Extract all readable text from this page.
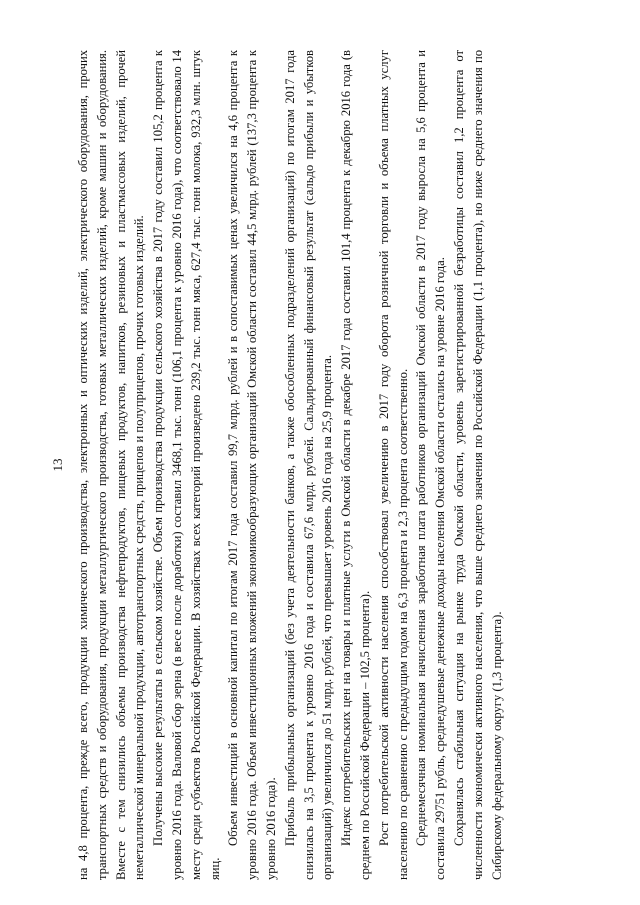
13 на 4,8 процента, прежде всего, продукции химического производства, электронных и оптических изделий, электрического оборудования, прочих транспортных средств и оборудования, продукции металлургического производства, готовых металлических изделий, кроме машин и оборудования. Вместе с тем снизились объемы производства нефтепродуктов, пищевых продуктов, напитков, резиновых и пластмассовых изделий, прочей неметаллической минеральной продукции, автотранспортных средств, прицепов и полуприцепов, прочих готовых изделий. Получены высокие результаты в сельском хозяйстве. Объем производства продукции сельского хозяйства в 2017 году составил 105,2 процента к уровню 2016 года. Валовой сбор зерна (в весе после доработки) составил 3468,1 тыс. тонн (106,1 процента к уровню 2016 года), что соответствовало 14 месту среди субъектов Российской Федерации. В хозяйствах всех категорий произведено 239,2 тыс. тонн мяса, 627,4 тыс. тонн молока, 932,3 млн. штук яиц.

Объем инвестиций в основной капитал по итогам 2017 года составил 99,7 млрд. рублей и в сопоставимых ценах увеличился на 4,6 процента к уровню 2016 года. Объем инвестиционных вложений экономикообразующих организаций Омской области составил 44,5 млрд. рублей (137,3 процента к уровню 2016 года). Прибыль прибыльных организаций (без учета деятельности банков, а также обособленных подразделений организаций) по итогам 2017 года снизилась на 3,5 процента к уровню 2016 года и составила 67,6 млрд. рублей. Сальдированный финансовый результат (сальдо прибыли и убытков организаций) увеличился до 51 млрд. рублей, что превышает уровень 2016 года на 25,9 процента. Индекс потребительских цен на товары и платные услуги в Омской области в декабре 2017 года составил 101,4 процента к декабрю 2016 года (в среднем по Российской Федерации – 102,5 процента). Рост потребительской активности населения способствовал увеличению в 2017 году оборота розничной торговли и объема платных услуг населению по сравнению с предыдущим годом на 6,3 процента и 2,3 процента соответственно. Среднемесячная номинальная начисленная заработная плата работников организаций Омской области в 2017 году выросла на 5,6 процента и составила 29751 рубль, среднедушевые денежные доходы населения Омской области остались на уровне 2016 года. Сохранялась стабильная ситуация на рынке труда Омской области, уровень зарегистрированной безработицы составил 1,2 процента от численности экономически активного населения, что выше среднего значения по Российской Федерации (1,1 процента), но ниже среднего значения по Сибирскому федеральному округу (1,3 процента).
